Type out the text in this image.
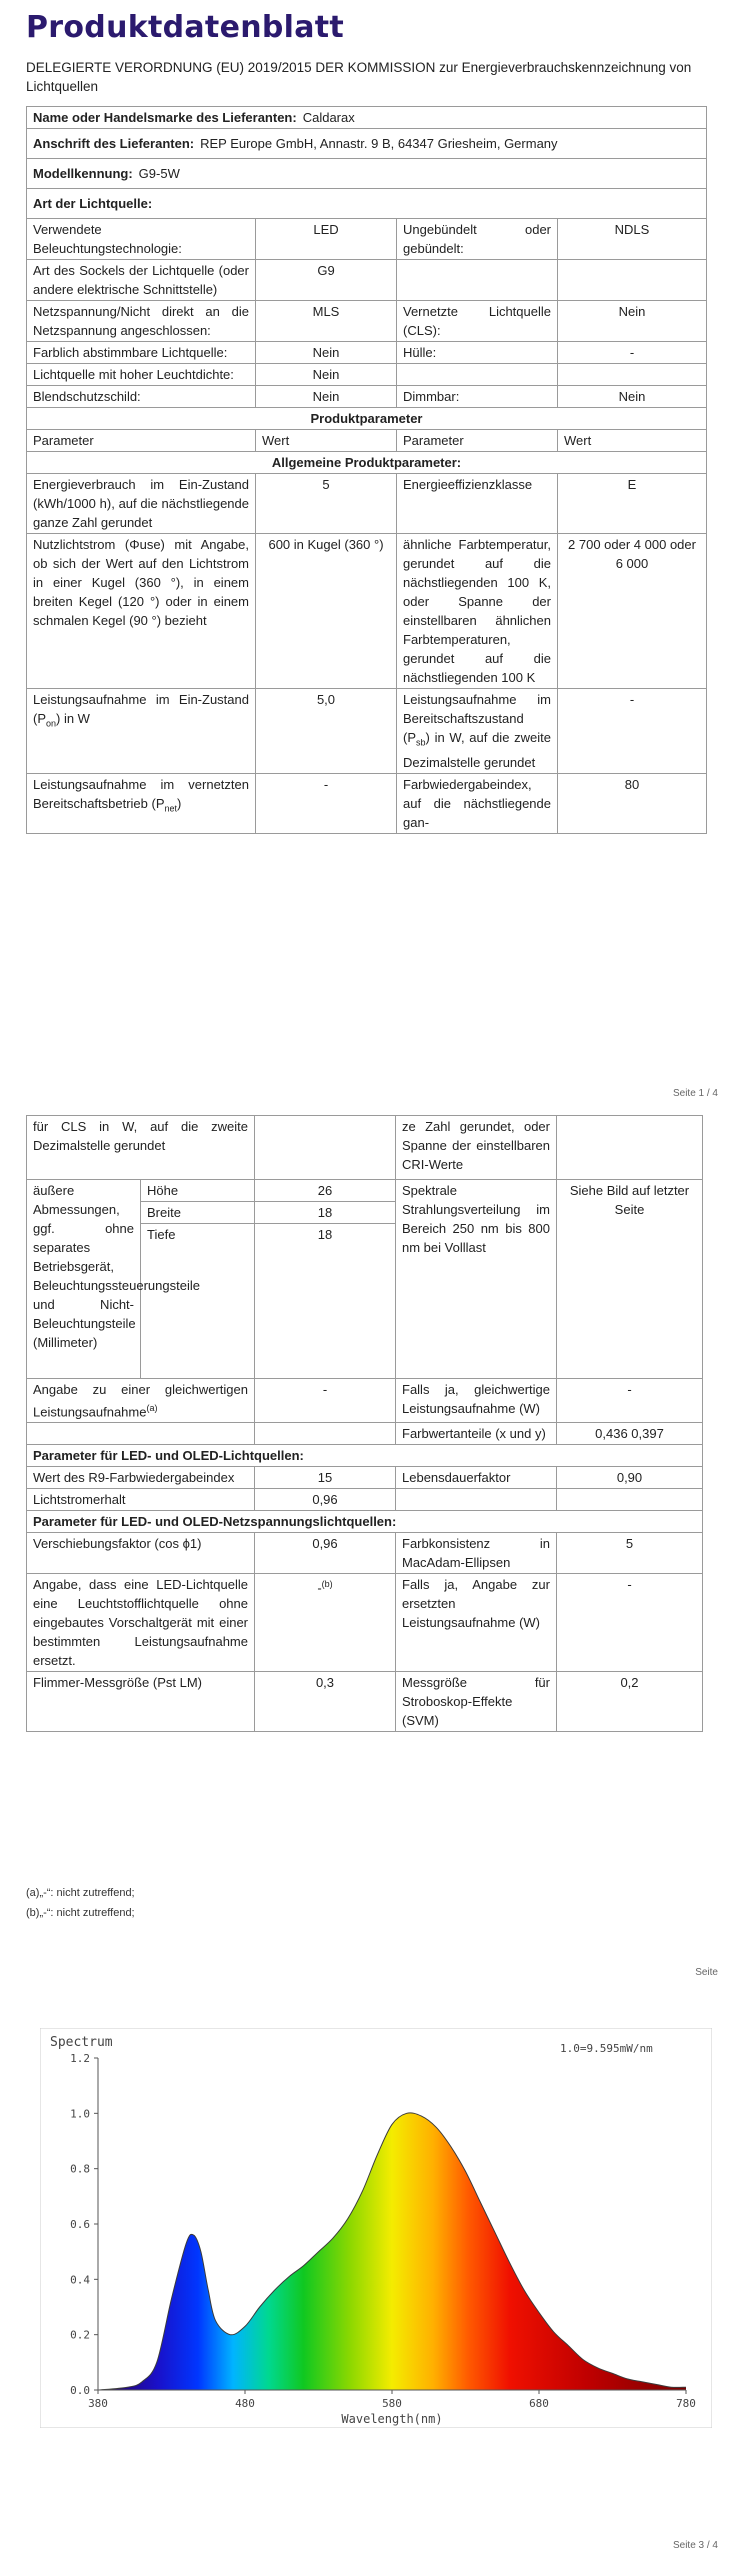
Produktdatenblatt
DELEGIERTE VERORDNUNG (EU) 2019/2015 DER KOMMISSION zur Energieverbrauchskennzeichnung von Lichtquellen
Name oder Handelsmarke des Lieferanten: Caldarax			
Anschrift des Lieferanten: REP Europe GmbH, Annastr. 9 B, 64347 Griesheim, Germany			
Modellkennung: G9-5W			
Art der Lichtquelle:			
Verwendete Beleuchtungstechnologie:	LED	Ungebündelt oder gebündelt:	NDLS
Art des Sockels der Lichtquelle (oder andere elektrische Schnittstelle)	G9		
Netzspannung/Nicht direkt an die Netzspannung angeschlossen:	MLS	Vernetzte Lichtquelle (CLS):	Nein
Farblich abstimmbare Lichtquelle:	Nein	Hülle:	-
Lichtquelle mit hoher Leuchtdichte:	Nein		
Blendschutzschild:	Nein	Dimmbar:	Nein
Produktparameter			
Parameter	Wert	Parameter	Wert
Allgemeine Produktparameter:			
Energieverbrauch im Ein-Zustand (kWh/1000 h), auf die nächstliegende ganze Zahl gerundet	5	Energieeffizienzklasse	E
Nutzlichtstrom (Φuse) mit Angabe, ob sich der Wert auf den Lichtstrom in einer Kugel (360 °), in einem breiten Kegel (120 °) oder in einem schmalen Kegel (90 °) bezieht	600 in Kugel (360 °)	ähnliche Farbtemperatur, gerundet auf die nächstliegenden 100 K, oder Spanne der einstellbaren ähnlichen Farbtemperaturen, gerundet auf die nächstliegenden 100 K	2 700 oder 4 000 oder 6 000
Leistungsaufnahme im Ein-Zustand $(P_{on})$ in W	5,0	Leistungsaufnahme im Bereitschaftszustand $(P_{sb})$ in W, auf die zweite Dezimalstelle gerundet	-
Leistungsaufnahme im vernetzten Bereitschaftsbetrieb $(P_{net})$	-	Farbwiedergabeindex, auf die nächstliegende gan-	80
Seite 1 / 4
für CLS in W, auf die zweite Dezimalstelle gerundet			ze Zahl gerundet, oder Spanne der einstellbaren CRI-Werte	
äußere Abmessungen, ggf. ohne separates Betriebsgerät, Beleuchtungssteuerungsteile und Nicht-Beleuchtungsteile (Millimeter)	Höhe	26	Spektrale Strahlungsverteilung im Bereich 250 nm bis 800 nm bei Volllast	Siehe Bild auf letzter Seite
	Breite	18		
	Tiefe	18		
Angabe zu einer gleichwertigen Leistungsaufnahme$^{(a)}$		-	Falls ja, gleichwertige Leistungsaufnahme (W)	-
			Farbwertanteile (x und y)	0,436 0,397
Parameter für LED- und OLED-Lichtquellen:				
Wert des R9-Farbwiedergabeindex		15	Lebensdauerfaktor	0,90
Lichtstromerhalt		0,96		
Parameter für LED- und OLED-Netzspannungslichtquellen:				
Verschiebungsfaktor (cos ϕ1)		0,96	Farbkonsistenz in MacAdam-Ellipsen	5
Angabe, dass eine LED-Lichtquelle eine Leuchtstofflichtquelle ohne eingebautes Vorschaltgerät mit einer bestimmten Leistungsaufnahme ersetzt.		-$^{(b)}$	Falls ja, Angabe zur ersetzten Leistungsaufnahme (W)	-
Flimmer-Messgröße (Pst LM)		0,3	Messgröße für Stroboskop-Effekte (SVM)	0,2
(a)„-“: nicht zutreffend;
(b)„-“: nicht zutreffend;
Seite
Spectrum	1.0=9.595mW/nm
0.0
0.2
0.4
0.6
0.8
1.0
1.2
380	480	580	680	780
Wavelength(nm)
Seite 3 / 4
